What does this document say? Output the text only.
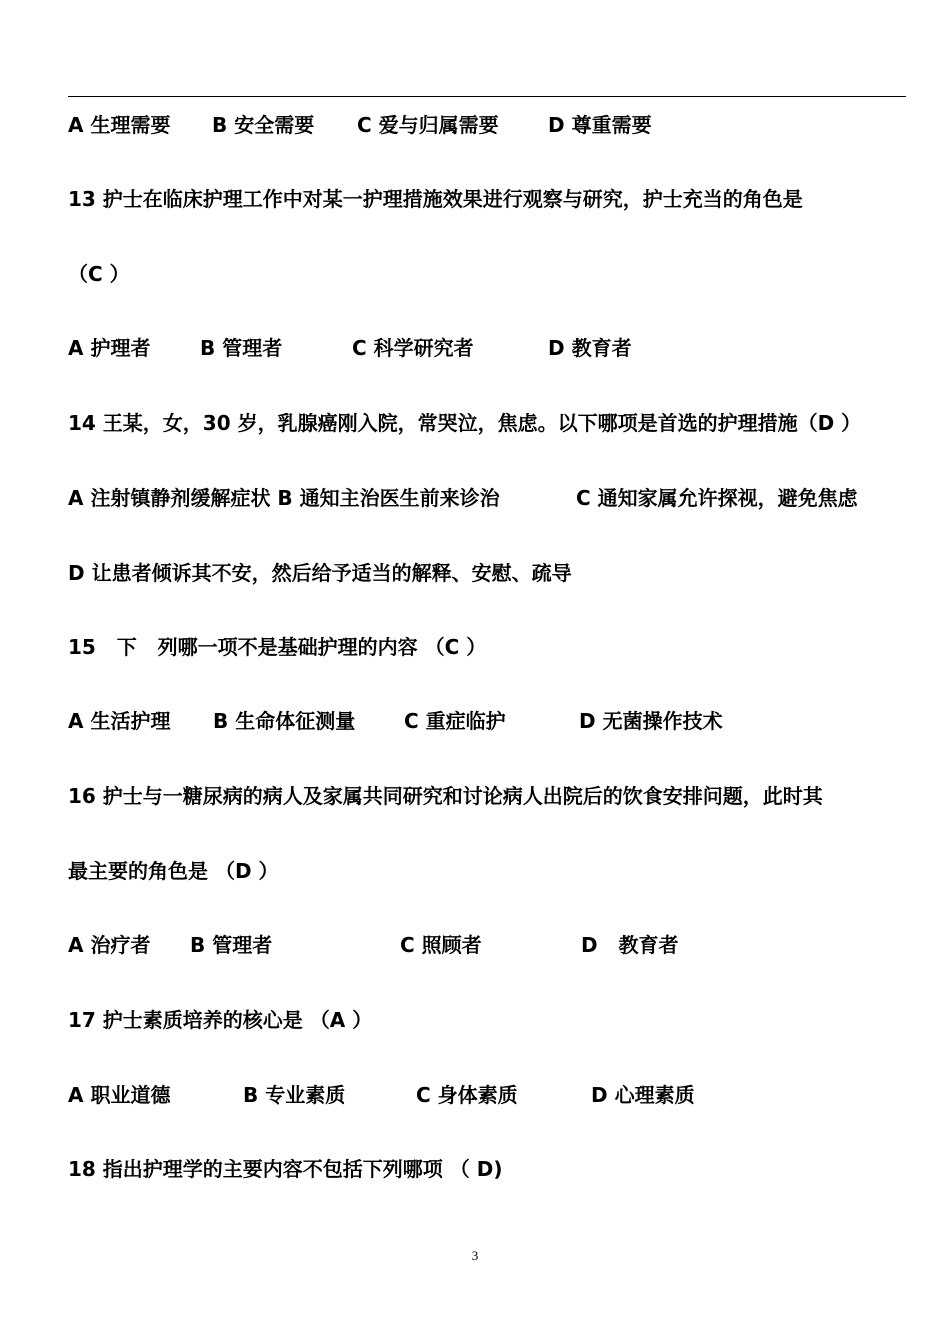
A 生理需要 B 安全需要 C 爱与归属需要 D 尊重需要
13 护士在临床护理工作中对某一护理措施效果进行观察与研究，护士充当的角色是
（C ）
A 护理者 B 管理者	C 科学研究者	D 教育者
14 王某，女，30 岁，乳腺癌刚入院，常哭泣，焦虑。以下哪项是首选的护理措施（D ）
A 注射镇静剂缓解症状 B 通知主治医生前来诊治	C 通知家属允许探视，避免焦虑
D 让患者倾诉其不安，然后给予适当的解释、安慰、疏导
15   下   列哪一项不是基础护理的内容 （C ）
A 生活护理 B 生命体征测量 C 重症临护	D 无菌操作技术
16 护士与一糖尿病的病人及家属共同研究和讨论病人出院后的饮食安排问题，此时其
最主要的角色是 （D ）
A 治疗者 B 管理者	C 照顾者	D   教育者
17 护士素质培养的核心是 （A ）
A 职业道德	B 专业素质	C 身体素质	D 心理素质
18 指出护理学的主要内容不包括下列哪项 （ D)
3
